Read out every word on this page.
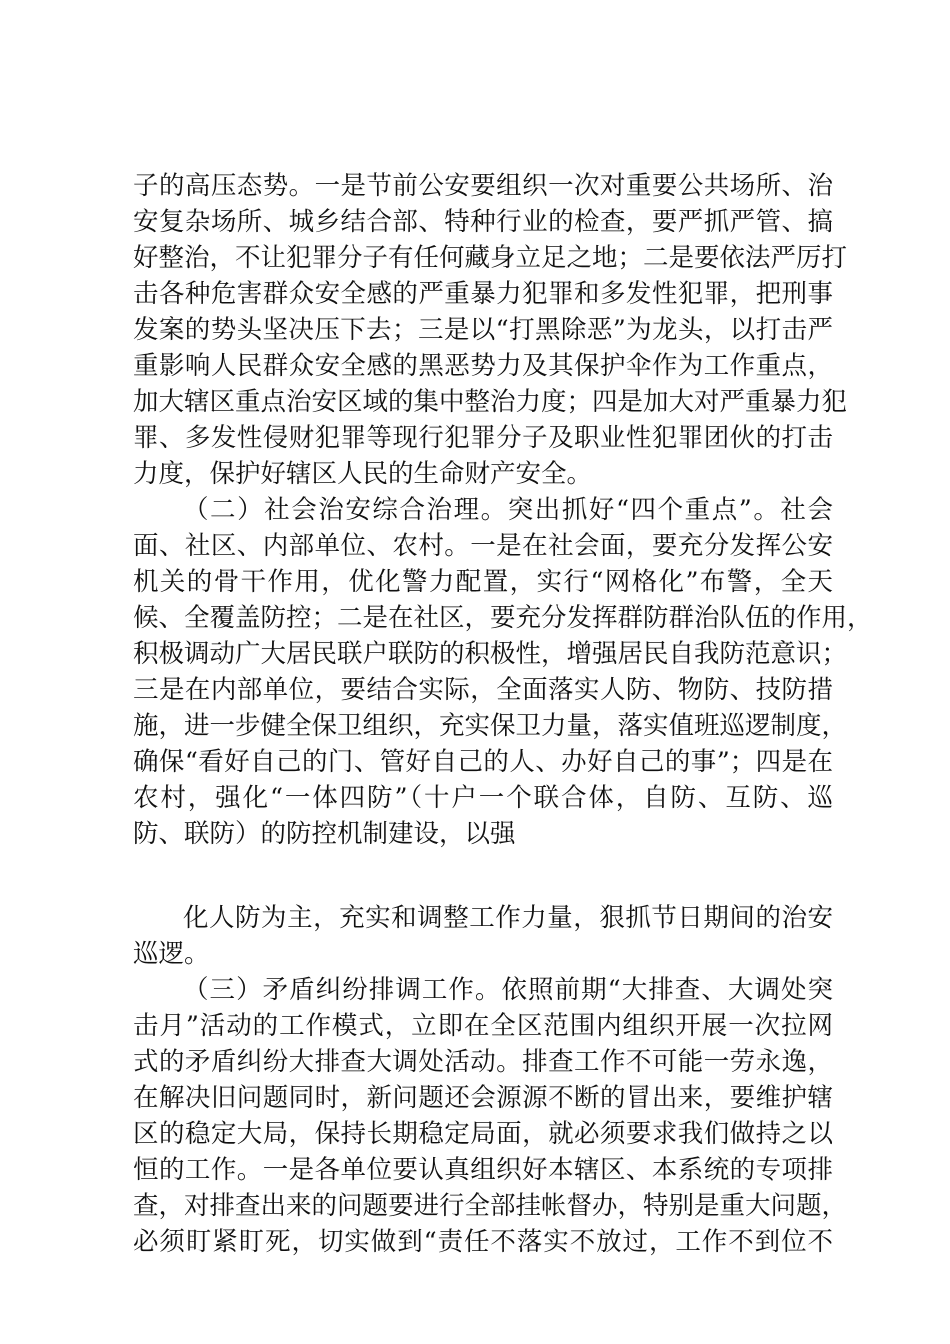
子的高压态势。一是节前公安要组织一次对重要公共场所、治
安复杂场所、城乡结合部、特种行业的检查，要严抓严管、搞
好整治，不让犯罪分子有任何藏身立足之地；二是要依法严厉打
击各种危害群众安全感的严重暴力犯罪和多发性犯罪，把刑事
发案的势头坚决压下去；三是以“打黑除恶”为龙头，以打击严
重影响人民群众安全感的黑恶势力及其保护伞作为工作重点，
加大辖区重点治安区域的集中整治力度；四是加大对严重暴力犯
罪、多发性侵财犯罪等现行犯罪分子及职业性犯罪团伙的打击
力度，保护好辖区人民的生命财产安全。
（二）社会治安综合治理。突出抓好“四个重点”。社会
面、社区、内部单位、农村。一是在社会面，要充分发挥公安
机关的骨干作用，优化警力配置，实行“网格化”布警，全天
候、全覆盖防控；二是在社区，要充分发挥群防群治队伍的作用，
积极调动广大居民联户联防的积极性，增强居民自我防范意识；
三是在内部单位，要结合实际，全面落实人防、物防、技防措
施，进一步健全保卫组织，充实保卫力量，落实值班巡逻制度，
确保“看好自己的门、管好自己的人、办好自己的事”；四是在
农村，强化“一体四防”（十户一个联合体，自防、互防、巡
防、联防）的防控机制建设，以强
化人防为主，充实和调整工作力量，狠抓节日期间的治安
巡逻。
（三）矛盾纠纷排调工作。依照前期“大排查、大调处突
击月”活动的工作模式，立即在全区范围内组织开展一次拉网
式的矛盾纠纷大排查大调处活动。排查工作不可能一劳永逸，
在解决旧问题同时，新问题还会源源不断的冒出来，要维护辖
区的稳定大局，保持长期稳定局面，就必须要求我们做持之以
恒的工作。一是各单位要认真组织好本辖区、本系统的专项排
查，对排查出来的问题要进行全部挂帐督办，特别是重大问题，
必须盯紧盯死，切实做到“责任不落实不放过，工作不到位不
